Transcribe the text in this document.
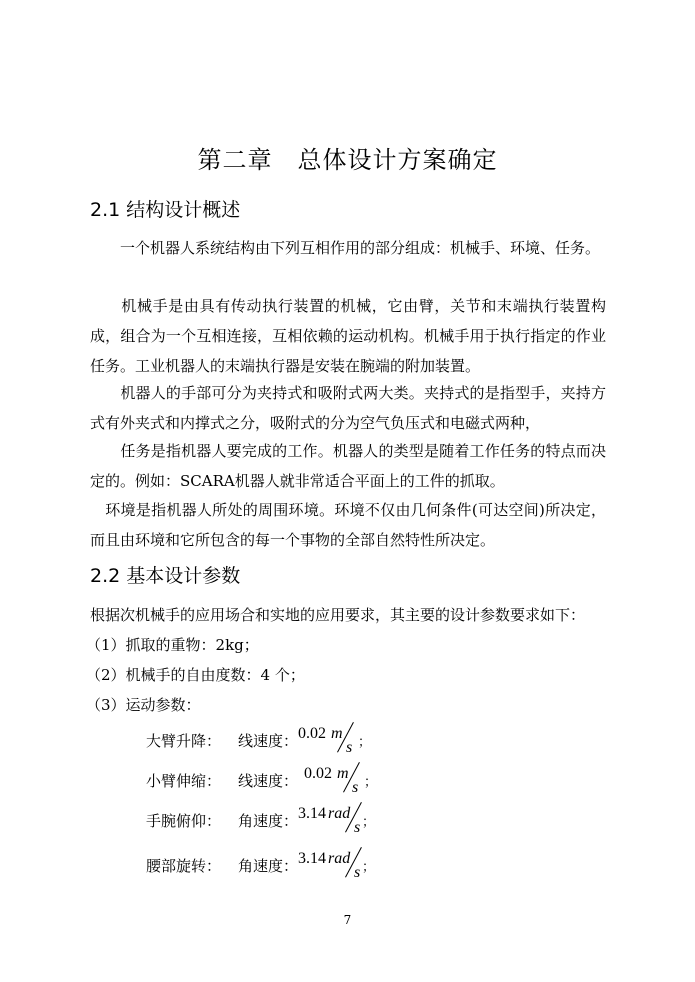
第二章　总体设计方案确定
2.1 结构设计概述

　　一个机器人系统结构由下列互相作用的部分组成：机械手、环境、任务。

　　机械手是由具有传动执行装置的机械，它由臂，关节和末端执行装置构成，组合为一个互相连接，互相依赖的运动机构。机械手用于执行指定的作业任务。工业机器人的末端执行器是安装在腕端的附加装置。

　　机器人的手部可分为夹持式和吸附式两大类。夹持式的是指型手，夹持方式有外夹式和内撑式之分，吸附式的分为空气负压式和电磁式两种，

　　任务是指机器人要完成的工作。机器人的类型是随着工作任务的特点而决定的。例如：SCARA机器人就非常适合平面上的工件的抓取。

　环境是指机器人所处的周围环境。环境不仅由几何条件(可达空间)所决定，而且由环境和它所包含的每一个事物的全部自然特性所决定。

2.2 基本设计参数

根据次机械手的应用场合和实地的应用要求，其主要的设计参数要求如下：

（1）抓取的重物：2kg；

（2）机械手的自由度数：4 个；

（3）运动参数：

大臂升降： 线速度： 0.02 m
s ；
小臂伸缩： 线速度： 0.02 m
s ；
手腕俯仰： 角速度： 3.14 rad
s ；
腰部旋转： 角速度： 3.14 rad
s ；
7
